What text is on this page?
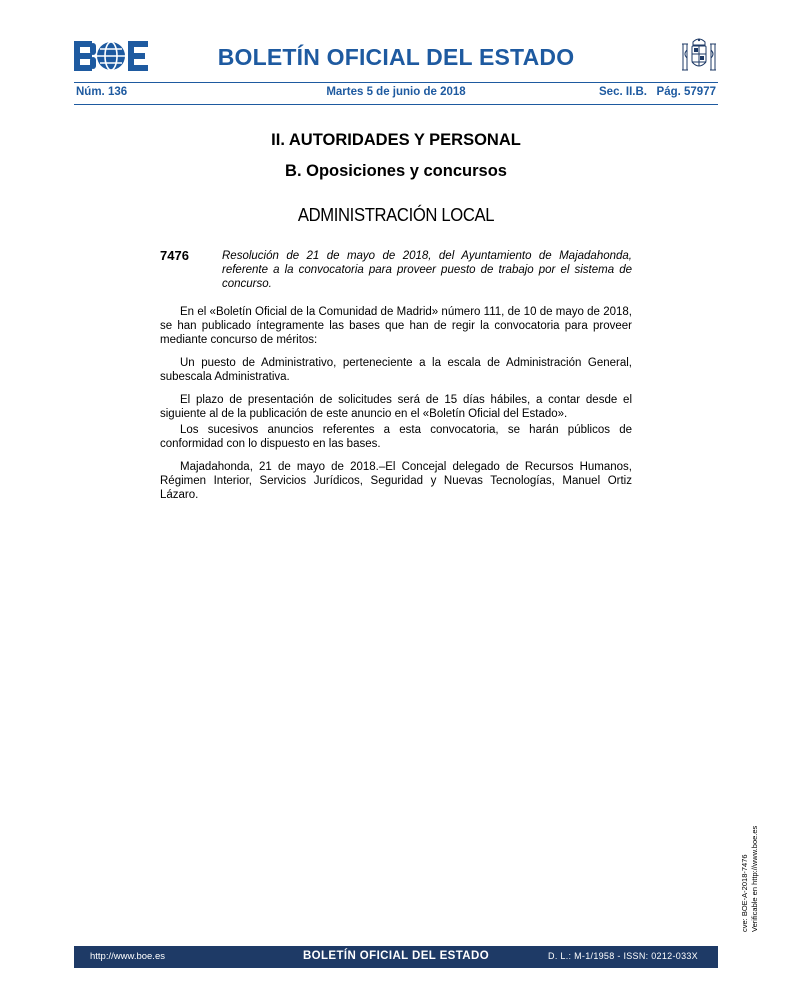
BOLETÍN OFICIAL DEL ESTADO
Núm. 136	Martes 5 de junio de 2018	Sec. II.B.   Pág. 57977
II. AUTORIDADES Y PERSONAL
B. Oposiciones y concursos
ADMINISTRACIÓN LOCAL
7476	Resolución de 21 de mayo de 2018, del Ayuntamiento de Majadahonda, referente a la convocatoria para proveer puesto de trabajo por el sistema de concurso.

En el «Boletín Oficial de la Comunidad de Madrid» número 111, de 10 de mayo de 2018, se han publicado íntegramente las bases que han de regir la convocatoria para proveer mediante concurso de méritos:

Un puesto de Administrativo, perteneciente a la escala de Administración General, subescala Administrativa.

El plazo de presentación de solicitudes será de 15 días hábiles, a contar desde el siguiente al de la publicación de este anuncio en el «Boletín Oficial del Estado».

Los sucesivos anuncios referentes a esta convocatoria, se harán públicos de conformidad con lo dispuesto en las bases.

Majadahonda, 21 de mayo de 2018.–El Concejal delegado de Recursos Humanos, Régimen Interior, Servicios Jurídicos, Seguridad y Nuevas Tecnologías, Manuel Ortiz Lázaro.

cve: BOE-A-2018-7476 Verificable en http://www.boe.es
http://www.boe.es	BOLETÍN OFICIAL DEL ESTADO	D. L.: M-1/1958 - ISSN: 0212-033X
